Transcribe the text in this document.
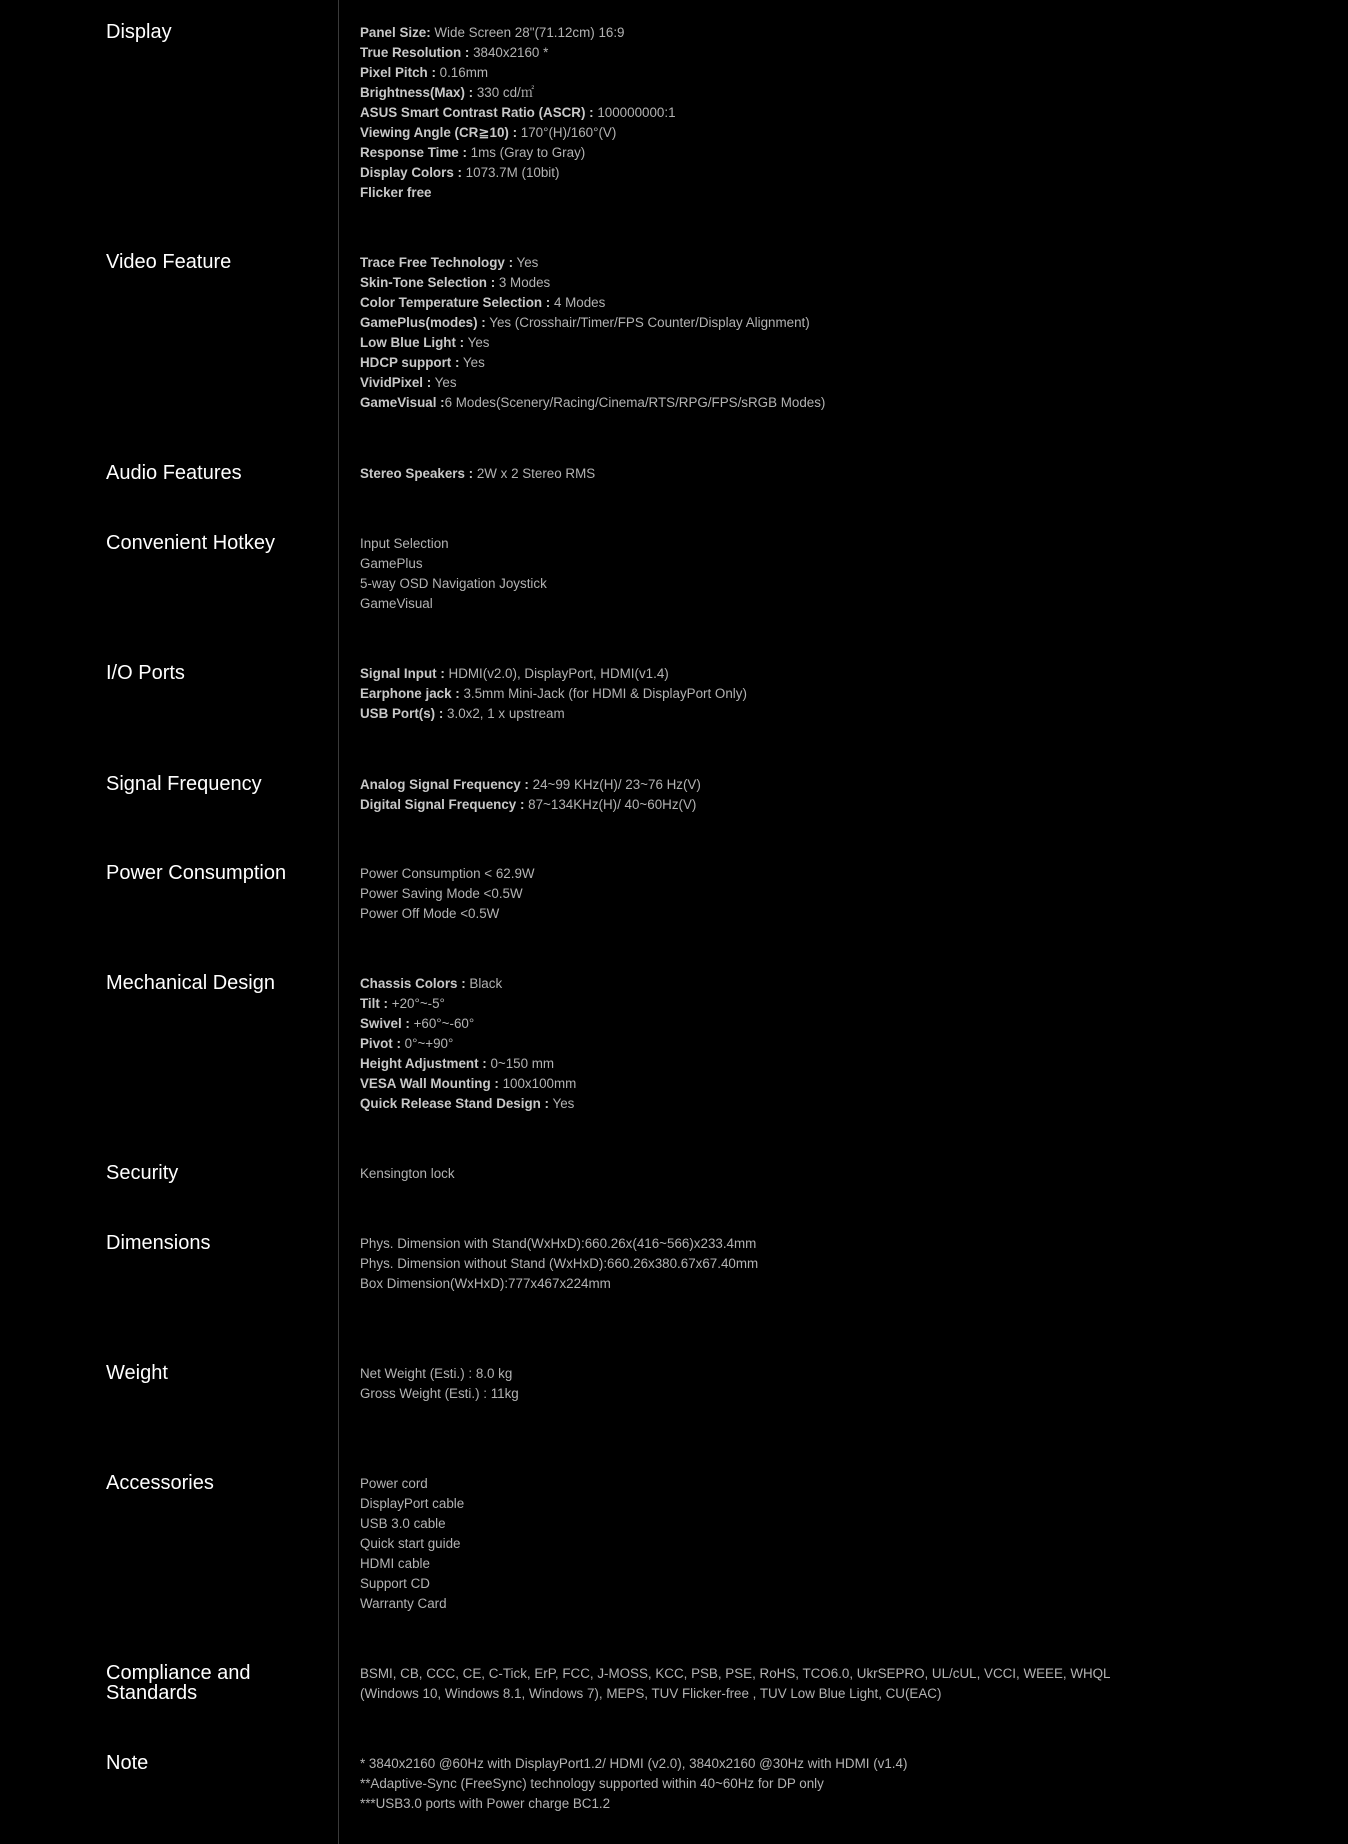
Display	Panel Size: Wide Screen 28"(71.12cm) 16:9
True Resolution : 3840x2160 *
Pixel Pitch : 0.16mm
Brightness(Max) : 330 cd/㎡
ASUS Smart Contrast Ratio (ASCR) : 100000000:1
Viewing Angle (CR≧10) : 170°(H)/160°(V)
Response Time : 1ms (Gray to Gray)
Display Colors : 1073.7M (10bit)
Flicker free
Video Feature	Trace Free Technology : Yes
Skin-Tone Selection : 3 Modes
Color Temperature Selection : 4 Modes
GamePlus(modes) : Yes (Crosshair/Timer/FPS Counter/Display Alignment)
Low Blue Light : Yes
HDCP support : Yes
VividPixel : Yes
GameVisual :6 Modes(Scenery/Racing/Cinema/RTS/RPG/FPS/sRGB Modes)
Audio Features	Stereo Speakers : 2W x 2 Stereo RMS
Convenient Hotkey	Input Selection
GamePlus
5-way OSD Navigation Joystick
GameVisual
I/O Ports	Signal Input : HDMI(v2.0), DisplayPort, HDMI(v1.4)
Earphone jack : 3.5mm Mini-Jack (for HDMI & DisplayPort Only)
USB Port(s) : 3.0x2, 1 x upstream
Signal Frequency	Analog Signal Frequency : 24~99 KHz(H)/ 23~76 Hz(V)
Digital Signal Frequency : 87~134KHz(H)/ 40~60Hz(V)
Power Consumption	Power Consumption < 62.9W
Power Saving Mode <0.5W
Power Off Mode <0.5W
Mechanical Design	Chassis Colors : Black
Tilt : +20°~-5°
Swivel : +60°~-60°
Pivot : 0°~+90°
Height Adjustment : 0~150 mm
VESA Wall Mounting : 100x100mm
Quick Release Stand Design : Yes
Security	Kensington lock
Dimensions	Phys. Dimension with Stand(WxHxD):660.26x(416~566)x233.4mm
Phys. Dimension without Stand (WxHxD):660.26x380.67x67.40mm
Box Dimension(WxHxD):777x467x224mm
Weight	Net Weight (Esti.) : 8.0 kg
Gross Weight (Esti.) : 11kg
Accessories	Power cord
DisplayPort cable
USB 3.0 cable
Quick start guide
HDMI cable
Support CD
Warranty Card
Compliance and Standards
BSMI, CB, CCC, CE, C-Tick, ErP, FCC, J-MOSS, KCC, PSB, PSE, RoHS, TCO6.0, UkrSEPRO, UL/cUL, VCCI, WEEE, WHQL (Windows 10, Windows 8.1, Windows 7), MEPS, TUV Flicker-free , TUV Low Blue Light, CU(EAC)
Note	* 3840x2160 @60Hz with DisplayPort1.2/ HDMI (v2.0), 3840x2160 @30Hz with HDMI (v1.4)
**Adaptive-Sync (FreeSync) technology supported within 40~60Hz for DP only
***USB3.0 ports with Power charge BC1.2
